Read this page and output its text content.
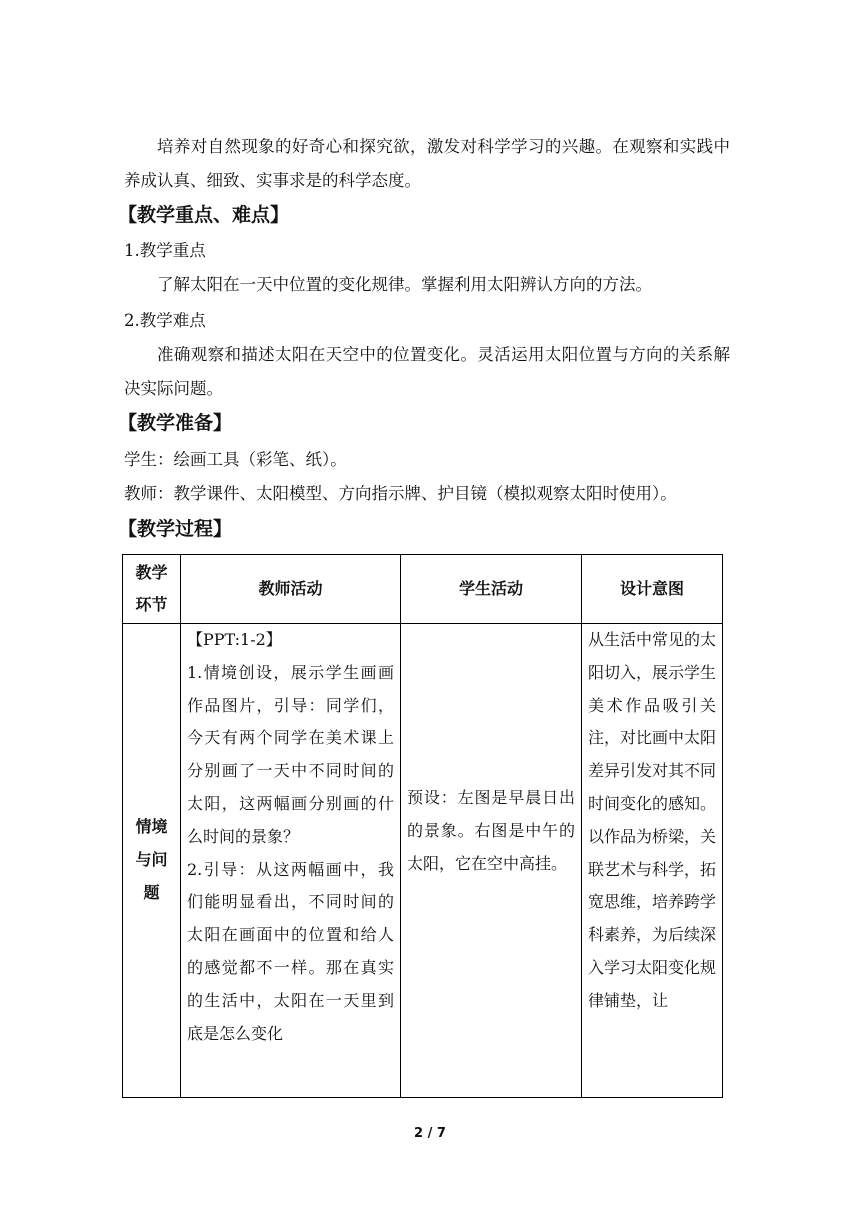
培养对自然现象的好奇心和探究欲，激发对科学学习的兴趣。在观察和实践中养成认真、细致、实事求是的科学态度。

【教学重点、难点】
1.教学重点
了解太阳在一天中位置的变化规律。掌握利用太阳辨认方向的方法。
2.教学难点

准确观察和描述太阳在天空中的位置变化。灵活运用太阳位置与方向的关系解决实际问题。

【教学准备】
学生：绘画工具（彩笔、纸）。
教师：教学课件、太阳模型、方向指示牌、护目镜（模拟观察太阳时使用）。
【教学过程】
教学环节	教师活动	学生活动	设计意图
情境与问题	【PPT:1-2】
1.情境创设，展示学生画画作品图片，引导：同学们，今天有两个同学在美术课上分别画了一天中不同时间的太阳，这两幅画分别画的什么时间的景象？
2.引导：从这两幅画中，我们能明显看出，不同时间的太阳在画面中的位置和给人的感觉都不一样。那在真实的生活中，太阳在一天里到底是怎么变化	预设：左图是早晨日出的景象。右图是中午的太阳，它在空中高挂。	从生活中常见的太阳切入，展示学生美术作品吸引关注，对比画中太阳差异引发对其不同时间变化的感知。以作品为桥梁，关联艺术与科学，拓宽思维，培养跨学科素养，为后续深入学习太阳变化规律铺垫，让
2 / 7
